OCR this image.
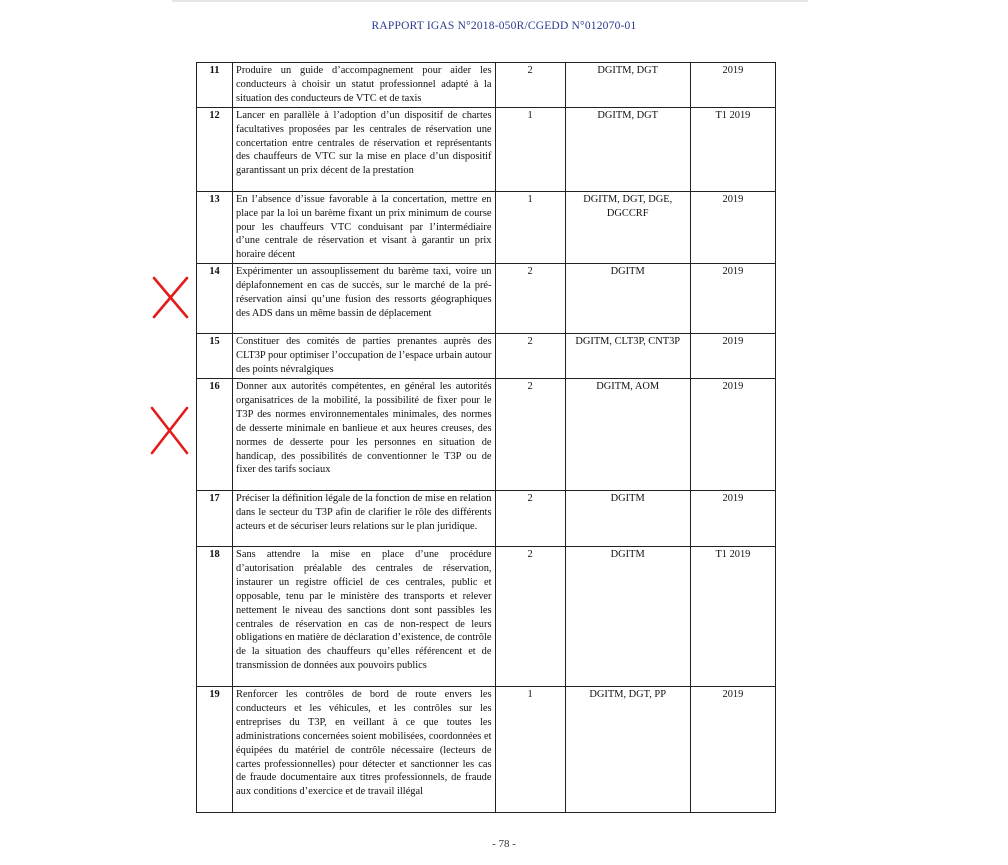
RAPPORT IGAS N°2018-050R/CGEDD N°012070-01
11	Produire un guide d’accompagnement pour aider les conducteurs à choisir un statut professionnel adapté à la situation des conducteurs de VTC et de taxis	2	DGITM, DGT	2019
12	Lancer en parallèle à l’adoption d’un dispositif de chartes facultatives proposées par les centrales de réservation une concertation entre centrales de réservation et représentants des chauffeurs de VTC sur la mise en place d’un dispositif garantissant un prix décent de la prestation	1	DGITM, DGT	T1 2019
13	En l’absence d’issue favorable à la concertation, mettre en place par la loi un barème fixant un prix minimum de course pour les chauffeurs VTC conduisant par l’intermédiaire d’une centrale de réservation et visant à garantir un prix horaire décent	1	DGITM, DGT, DGE, DGCCRF	2019
14	Expérimenter un assouplissement du barème taxi, voire un déplafonnement en cas de succès, sur le marché de la pré-réservation ainsi qu’une fusion des ressorts géographiques des ADS dans un même bassin de déplacement	2	DGITM	2019
15	Constituer des comités de parties prenantes auprès des CLT3P pour optimiser l’occupation de l’espace urbain autour des points névralgiques	2	DGITM, CLT3P, CNT3P	2019
16	Donner aux autorités compétentes, en général les autorités organisatrices de la mobilité, la possibilité de fixer pour le T3P des normes environnementales minimales, des normes de desserte minimale en banlieue et aux heures creuses, des normes de desserte pour les personnes en situation de handicap, des possibilités de conventionner le T3P ou de fixer des tarifs sociaux	2	DGITM, AOM	2019
17	Préciser la définition légale de la fonction de mise en relation dans le secteur du T3P afin de clarifier le rôle des différents acteurs et de sécuriser leurs relations sur le plan juridique.	2	DGITM	2019
18	Sans attendre la mise en place d’une procédure d’autorisation préalable des centrales de réservation, instaurer un registre officiel de ces centrales, public et opposable, tenu par le ministère des transports et relever nettement le niveau des sanctions dont sont passibles les centrales de réservation en cas de non-respect de leurs obligations en matière de déclaration d’existence, de contrôle de la situation des chauffeurs qu’elles référencent et de transmission de données aux pouvoirs publics	2	DGITM	T1 2019
19	Renforcer les contrôles de bord de route envers les conducteurs et les véhicules, et les contrôles sur les entreprises du T3P, en veillant à ce que toutes les administrations concernées soient mobilisées, coordonnées et équipées du matériel de contrôle nécessaire (lecteurs de cartes professionnelles) pour détecter et sanctionner les cas de fraude documentaire aux titres professionnels, de fraude aux conditions d’exercice et de travail illégal	1	DGITM, DGT, PP	2019
- 78 -
